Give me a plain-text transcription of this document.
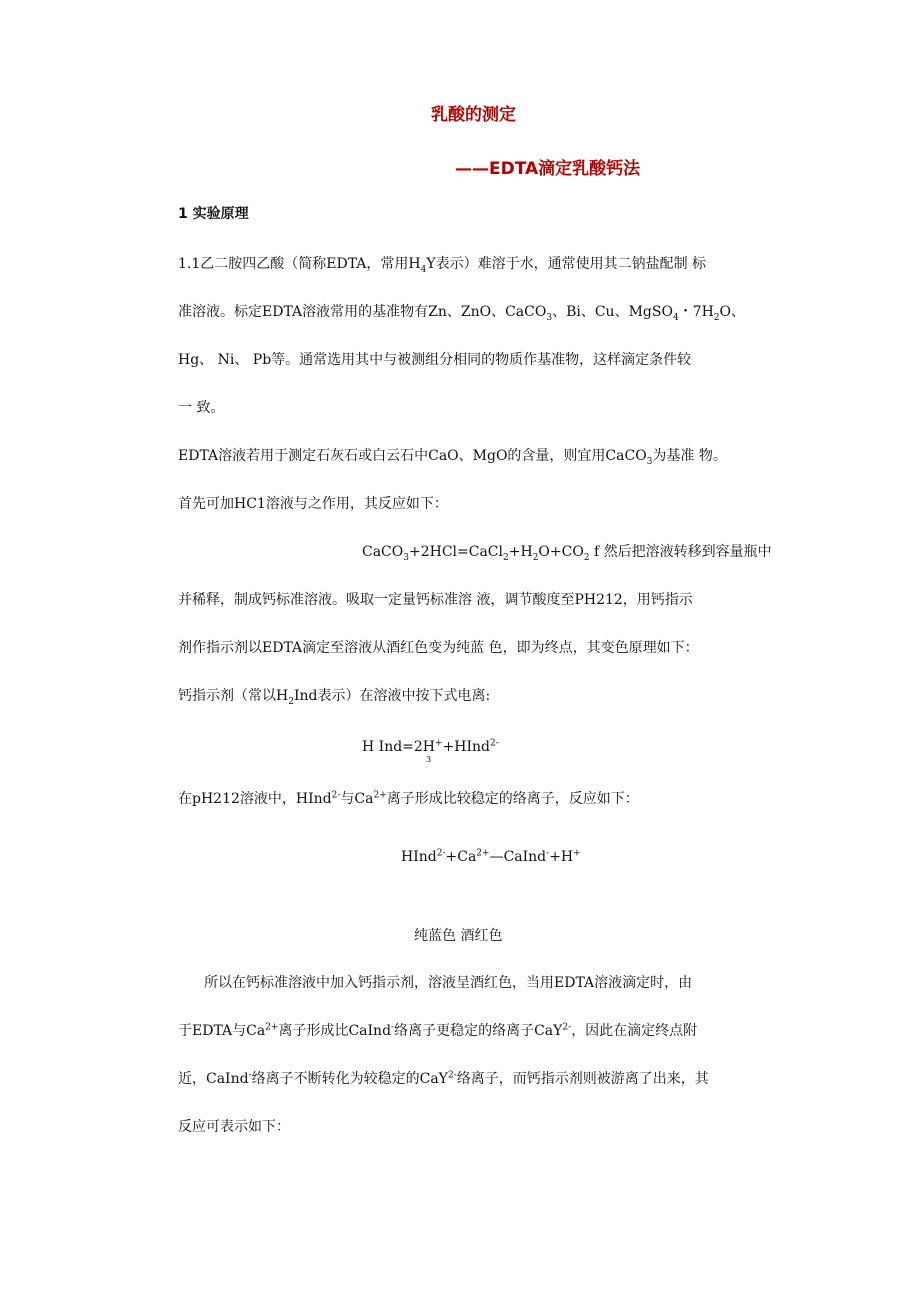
乳酸的测定
——EDTA滴定乳酸钙法
1 实验原理
1.1乙二胺四乙酸（简称EDTA，常用$H_4Y$表示）难溶于水，通常使用其二钠盐配制 标
准溶液。标定EDTA溶液常用的基准物有Zn、ZnO、CaCO$_3$、Bi、Cu、MgSO$_4$・$7H_2O$、
Hg、 Ni、 Pb等。通常选用其中与被测组分相同的物质作基准物，这样滴定条件较
一 致。
EDTA溶液若用于测定石灰石或白云石中CaO、MgO的含量，则宜用CaCO$_3$为基准 物。
首先可加HC1溶液与之作用，其反应如下：
$CaCO_3+2HCl=CaCl_2+H_2O+CO_2$ f 然后把溶液转移到容量瓶中
并稀释，制成钙标准溶液。吸取一定量钙标准溶 液，调节酸度至PH212，用钙指示
剂作指示剂以EDTA滴定至溶液从酒红色变为纯蓝 色，即为终点，其变色原理如下：
钙指示剂（常以$H_2Ind$表示）在溶液中按下式电离:
H Ind=2H++HInd$^{2-}$
3
在pH212溶液中，HInd$^{2-}$与$Ca^{2+}$离子形成比较稳定的络离子，反应如下：
$HInd^{2-}+Ca^{2+}—CaInd^-+H^+$
纯蓝色 酒红色
所以在钙标准溶液中加入钙指示剂，溶液呈酒红色，当用EDTA溶液滴定时，由
于EDTA与$Ca^{2+}$离子形成比CaInd-络离子更稳定的络离子CaY$^{2-}$，因此在滴定终点附
近，CaInd-络离子不断转化为较稳定的CaY$^{2-}$络离子，而钙指示剂则被游离了出来，其
反应可表示如下：
